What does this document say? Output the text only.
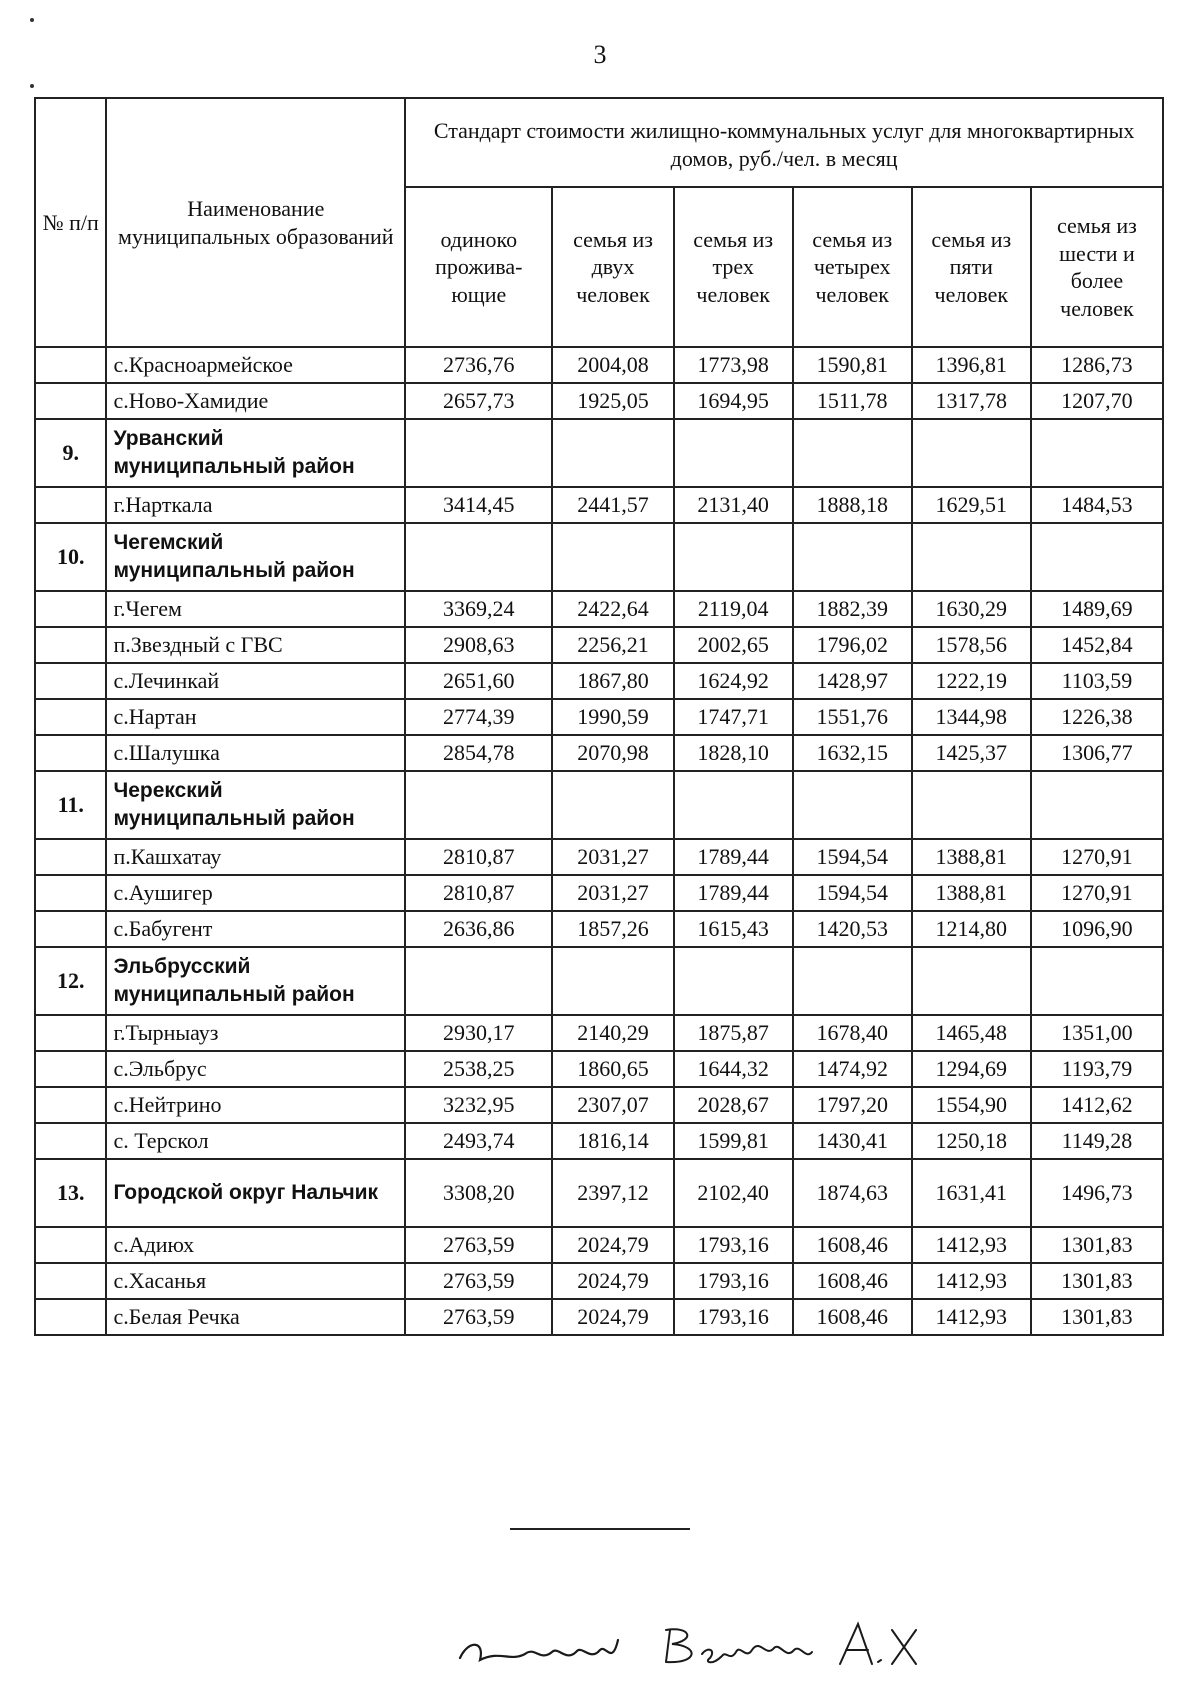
3
№ п/п	Наименование муниципальных образований	Стандарт стоимости жилищно-коммунальных услуг для многоквартирных домов, руб./чел. в месяц					
		одиноко прожива-ющие	семья из двух человек	семья из трех человек	семья из четырех человек	семья из пяти человек	семья из шести и более человек
	с.Красноармейское	2736,76	2004,08	1773,98	1590,81	1396,81	1286,73
	с.Ново-Хамидие	2657,73	1925,05	1694,95	1511,78	1317,78	1207,70
9.	Урванский муниципальный район						
	г.Нарткала	3414,45	2441,57	2131,40	1888,18	1629,51	1484,53
10.	Чегемский муниципальный район						
	г.Чегем	3369,24	2422,64	2119,04	1882,39	1630,29	1489,69
	п.Звездный с ГВС	2908,63	2256,21	2002,65	1796,02	1578,56	1452,84
	с.Лечинкай	2651,60	1867,80	1624,92	1428,97	1222,19	1103,59
	с.Нартан	2774,39	1990,59	1747,71	1551,76	1344,98	1226,38
	с.Шалушка	2854,78	2070,98	1828,10	1632,15	1425,37	1306,77
11.	Черекский муниципальный район						
	п.Кашхатау	2810,87	2031,27	1789,44	1594,54	1388,81	1270,91
	с.Аушигер	2810,87	2031,27	1789,44	1594,54	1388,81	1270,91
	с.Бабугент	2636,86	1857,26	1615,43	1420,53	1214,80	1096,90
12.	Эльбрусский муниципальный район						
	г.Тырныауз	2930,17	2140,29	1875,87	1678,40	1465,48	1351,00
	с.Эльбрус	2538,25	1860,65	1644,32	1474,92	1294,69	1193,79
	с.Нейтрино	3232,95	2307,07	2028,67	1797,20	1554,90	1412,62
	с. Терскол	2493,74	1816,14	1599,81	1430,41	1250,18	1149,28
13.	Городской округ Нальчик	3308,20	2397,12	2102,40	1874,63	1631,41	1496,73
	с.Адиюх	2763,59	2024,79	1793,16	1608,46	1412,93	1301,83
	с.Хасанья	2763,59	2024,79	1793,16	1608,46	1412,93	1301,83
	с.Белая Речка	2763,59	2024,79	1793,16	1608,46	1412,93	1301,83
